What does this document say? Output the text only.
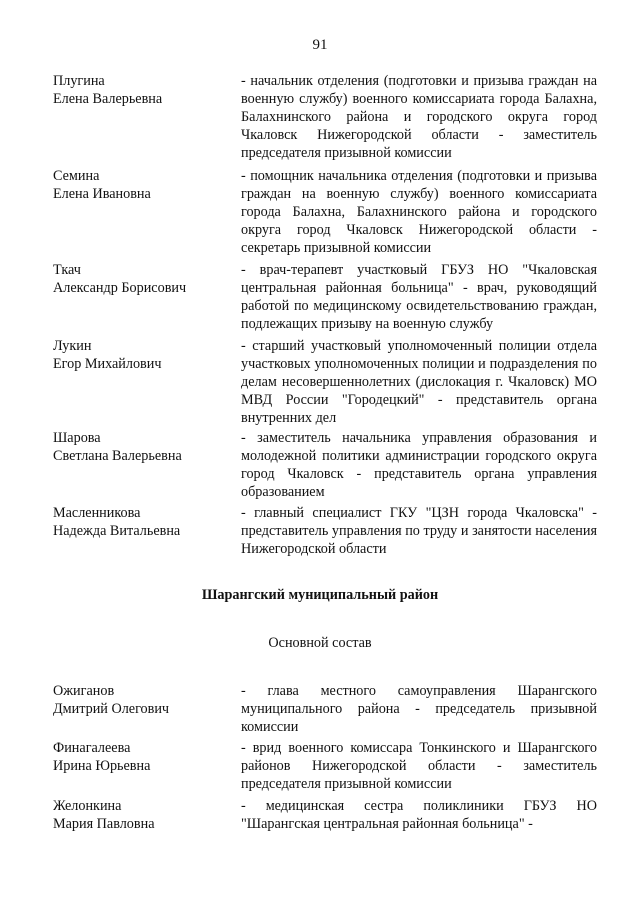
91
Плугина
Елена Валерьевна
- начальник отделения (подготовки и призыва граждан на военную службу) военного комиссариата города Балахна, Балахнинского района и городского округа город Чкаловск Нижегородской области - заместитель председателя призывной комиссии
Семина
Елена Ивановна
- помощник начальника отделения (подготовки и призыва граждан на военную службу) военного комиссариата города Балахна, Балахнинского района и городского округа город Чкаловск Нижегородской области - секретарь призывной комиссии
Ткач
Александр Борисович
- врач-терапевт участковый ГБУЗ НО "Чкаловская центральная районная больница" - врач, руководящий работой по медицинскому освидетельствованию граждан, подлежащих призыву на военную службу
Лукин
Егор Михайлович
- старший участковый уполномоченный полиции отдела участковых уполномоченных полиции и подразделения по делам несовершеннолетних (дислокация г. Чкаловск) МО МВД России "Городецкий" - представитель органа внутренних дел
Шарова
Светлана Валерьевна
- заместитель начальника управления образования и молодежной политики администрации городского округа город Чкаловск - представитель органа управления образованием
Масленникова
Надежда Витальевна
- главный специалист ГКУ "ЦЗН города Чкаловска" - представитель управления по труду и занятости населения Нижегородской области
Шарангский муниципальный район
Основной состав
Ожиганов
Дмитрий Олегович
- глава местного самоуправления Шарангского муниципального района - председатель призывной комиссии
Финагалеева
Ирина Юрьевна
- врид военного комиссара Тонкинского и Шарангского районов Нижегородской области - заместитель председателя призывной комиссии
Желонкина
Мария Павловна
- медицинская сестра поликлиники ГБУЗ НО "Шарангская центральная районная больница" -
